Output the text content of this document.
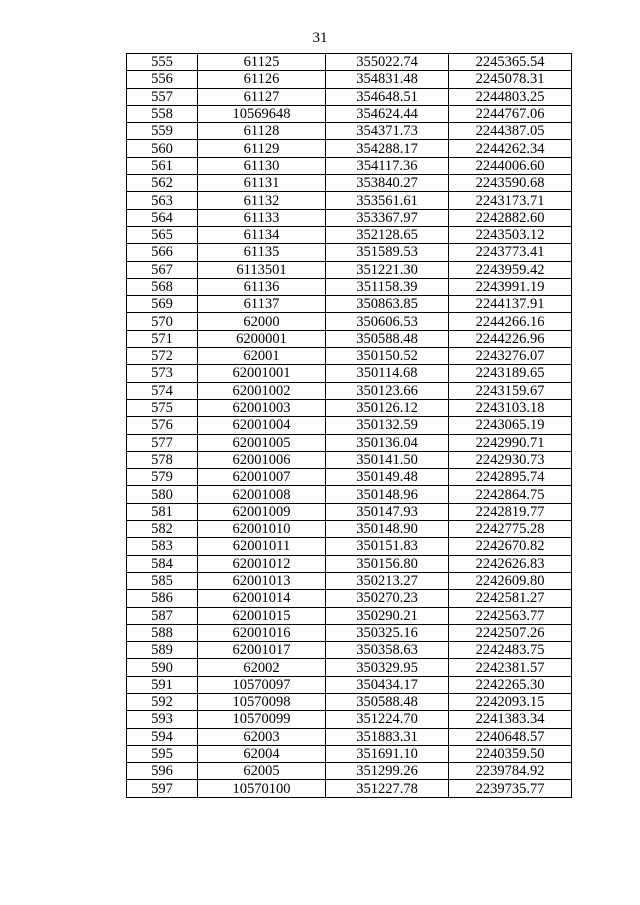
31
555	61125	355022.74	2245365.54
556	61126	354831.48	2245078.31
557	61127	354648.51	2244803.25
558	10569648	354624.44	2244767.06
559	61128	354371.73	2244387.05
560	61129	354288.17	2244262.34
561	61130	354117.36	2244006.60
562	61131	353840.27	2243590.68
563	61132	353561.61	2243173.71
564	61133	353367.97	2242882.60
565	61134	352128.65	2243503.12
566	61135	351589.53	2243773.41
567	6113501	351221.30	2243959.42
568	61136	351158.39	2243991.19
569	61137	350863.85	2244137.91
570	62000	350606.53	2244266.16
571	6200001	350588.48	2244226.96
572	62001	350150.52	2243276.07
573	62001001	350114.68	2243189.65
574	62001002	350123.66	2243159.67
575	62001003	350126.12	2243103.18
576	62001004	350132.59	2243065.19
577	62001005	350136.04	2242990.71
578	62001006	350141.50	2242930.73
579	62001007	350149.48	2242895.74
580	62001008	350148.96	2242864.75
581	62001009	350147.93	2242819.77
582	62001010	350148.90	2242775.28
583	62001011	350151.83	2242670.82
584	62001012	350156.80	2242626.83
585	62001013	350213.27	2242609.80
586	62001014	350270.23	2242581.27
587	62001015	350290.21	2242563.77
588	62001016	350325.16	2242507.26
589	62001017	350358.63	2242483.75
590	62002	350329.95	2242381.57
591	10570097	350434.17	2242265.30
592	10570098	350588.48	2242093.15
593	10570099	351224.70	2241383.34
594	62003	351883.31	2240648.57
595	62004	351691.10	2240359.50
596	62005	351299.26	2239784.92
597	10570100	351227.78	2239735.77
